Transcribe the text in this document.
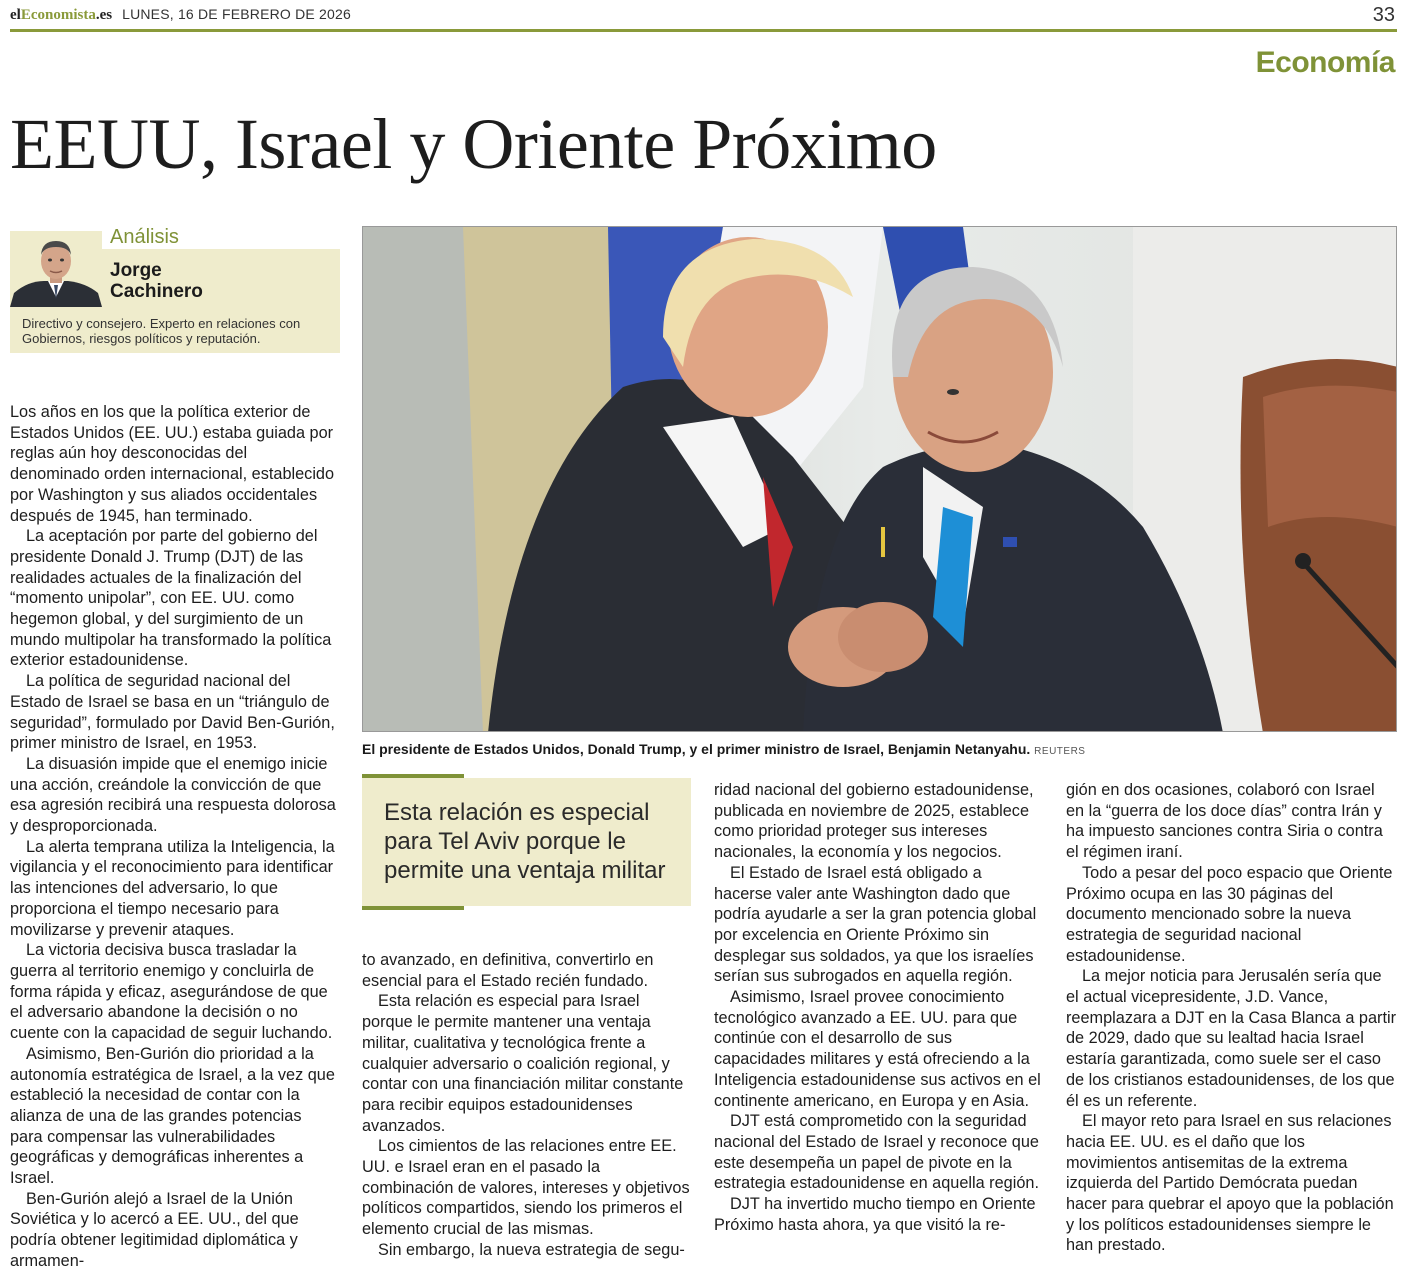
elEconomista.es LUNES, 16 DE FEBRERO DE 2026	33
Economía
EEUU, Israel y Oriente Próximo
Análisis
Jorge
Cachinero
Directivo y consejero. Experto en relaciones con Gobiernos, riesgos políticos y reputación.
El presidente de Estados Unidos, Donald Trump, y el primer ministro de Israel, Benjamin Netanyahu. REUTERS
Esta relación es especial para Tel Aviv porque le permite una ventaja militar

Los años en los que la política exterior de Estados Unidos (EE. UU.) estaba guiada por reglas aún hoy desconocidas del denominado orden internacional, establecido por Washington y sus aliados occidentales después de 1945, han terminado.

La aceptación por parte del gobierno del presidente Donald J. Trump (DJT) de las realidades actuales de la finalización del “momento unipolar”, con EE. UU. como hegemon global, y del surgimiento de un mundo multipolar ha transformado la política exterior estadounidense.

La política de seguridad nacional del Estado de Israel se basa en un “triángulo de seguridad”, formulado por David Ben-Gurión, primer ministro de Israel, en 1953.

La disuasión impide que el enemigo inicie una acción, creándole la convicción de que esa agresión recibirá una respuesta dolorosa y desproporcionada.

La alerta temprana utiliza la Inteligencia, la vigilancia y el reconocimiento para identificar las intenciones del adversario, lo que proporciona el tiempo necesario para movilizarse y prevenir ataques.

La victoria decisiva busca trasladar la guerra al territorio enemigo y concluirla de forma rápida y eficaz, asegurándose de que el adversario abandone la decisión o no cuente con la capacidad de seguir luchando.

Asimismo, Ben-Gurión dio prioridad a la autonomía estratégica de Israel, a la vez que estableció la necesidad de contar con la alianza de una de las grandes potencias para compensar las vulnerabilidades geográficas y demográficas inherentes a Israel.

Ben-Gurión alejó a Israel de la Unión Soviética y lo acercó a EE. UU., del que podría obtener legitimidad diplomática y armamen-

to avanzado, en definitiva, convertirlo en esencial para el Estado recién fundado.

Esta relación es especial para Israel porque le permite mantener una ventaja militar, cualitativa y tecnológica frente a cualquier adversario o coalición regional, y contar con una financiación militar constante para recibir equipos estadounidenses avanzados.

Los cimientos de las relaciones entre EE. UU. e Israel eran en el pasado la combinación de valores, intereses y objetivos políticos compartidos, siendo los primeros el elemento crucial de las mismas.

Sin embargo, la nueva estrategia de segu-

ridad nacional del gobierno estadounidense, publicada en noviembre de 2025, establece como prioridad proteger sus intereses nacionales, la economía y los negocios.

El Estado de Israel está obligado a hacerse valer ante Washington dado que podría ayudarle a ser la gran potencia global por excelencia en Oriente Próximo sin desplegar sus soldados, ya que los israelíes serían sus subrogados en aquella región.

Asimismo, Israel provee conocimiento tecnológico avanzado a EE. UU. para que continúe con el desarrollo de sus capacidades militares y está ofreciendo a la Inteligencia estadounidense sus activos en el continente americano, en Europa y en Asia.

DJT está comprometido con la seguridad nacional del Estado de Israel y reconoce que este desempeña un papel de pivote en la estrategia estadounidense en aquella región.

DJT ha invertido mucho tiempo en Oriente Próximo hasta ahora, ya que visitó la re-

gión en dos ocasiones, colaboró con Israel en la “guerra de los doce días” contra Irán y ha impuesto sanciones contra Siria o contra el régimen iraní.

Todo a pesar del poco espacio que Oriente Próximo ocupa en las 30 páginas del documento mencionado sobre la nueva estrategia de seguridad nacional estadounidense.

La mejor noticia para Jerusalén sería que el actual vicepresidente, J.D. Vance, reemplazara a DJT en la Casa Blanca a partir de 2029, dado que su lealtad hacia Israel estaría garantizada, como suele ser el caso de los cristianos estadounidenses, de los que él es un referente.

El mayor reto para Israel en sus relaciones hacia EE. UU. es el daño que los movimientos antisemitas de la extrema izquierda del Partido Demócrata puedan hacer para quebrar el apoyo que la población y los políticos estadounidenses siempre le han prestado.
